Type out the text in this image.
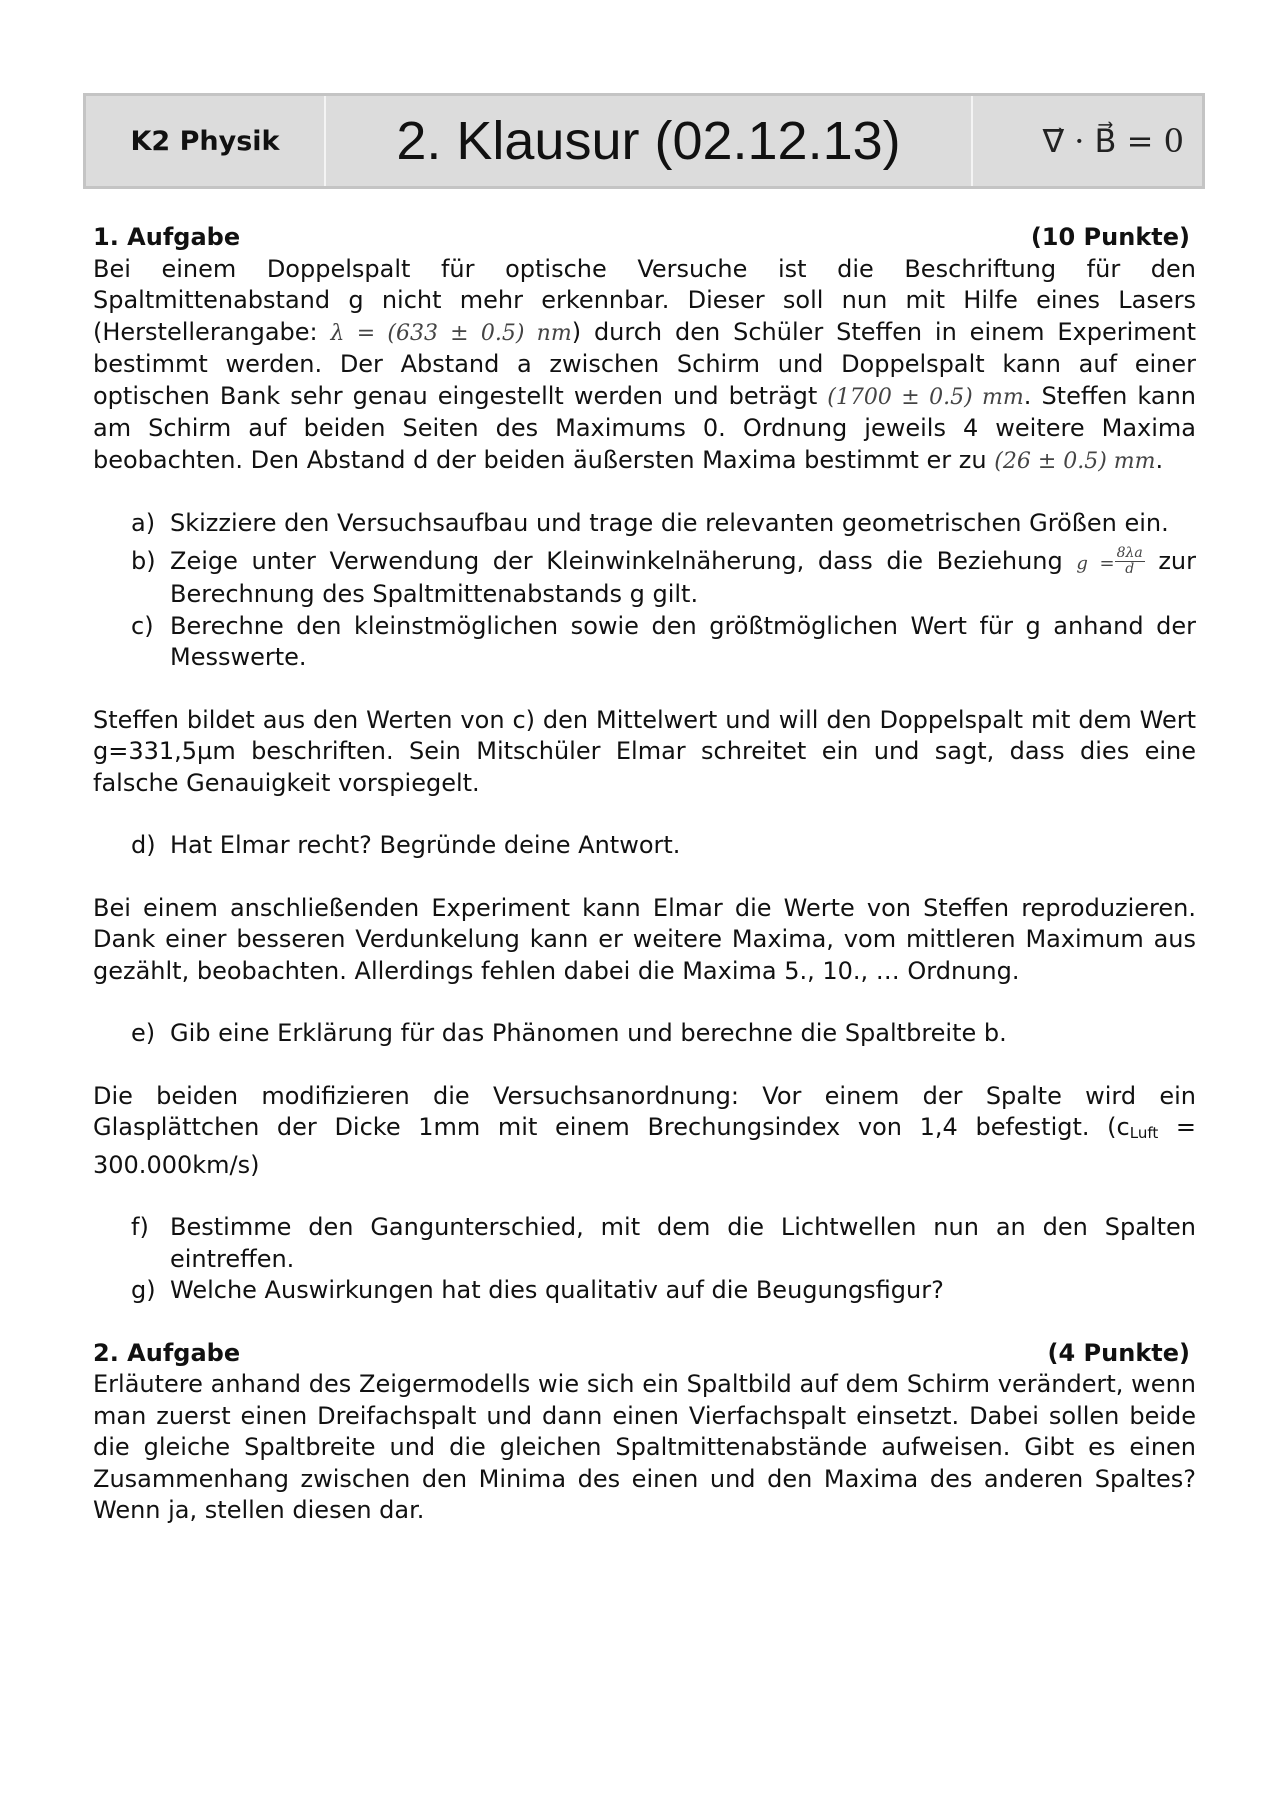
K2 Physik	2. Klausur (02.12.13)	∇⃗ · B⃗ = 0
1. Aufgabe	(10 Punkte)

Bei einem Doppelspalt für optische Versuche ist die Beschriftung für den Spaltmittenabstand g nicht mehr erkennbar. Dieser soll nun mit Hilfe eines Lasers (Herstellerangabe: λ = (633 ± 0.5) nm) durch den Schüler Steffen in einem Experiment bestimmt werden. Der Abstand a zwischen Schirm und Doppelspalt kann auf einer optischen Bank sehr genau eingestellt werden und beträgt (1700 ± 0.5) mm. Steffen kann am Schirm auf beiden Seiten des Maximums 0. Ordnung jeweils 4 weitere Maxima beobachten. Den Abstand d der beiden äußersten Maxima bestimmt er zu (26 ± 0.5) mm.

a) Skizziere den Versuchsaufbau und trage die relevanten geometrischen Größen ein.
b) Zeige unter Verwendung der Kleinwinkelnäherung, dass die Beziehung $g = \frac{8\lambda a}{d}$ zur Berechnung des Spaltmittenabstands g gilt.
c) Berechne den kleinstmöglichen sowie den größtmöglichen Wert für g anhand der Messwerte.

Steffen bildet aus den Werten von c) den Mittelwert und will den Doppelspalt mit dem Wert g=331,5µm beschriften. Sein Mitschüler Elmar schreitet ein und sagt, dass dies eine falsche Genauigkeit vorspiegelt.

d) Hat Elmar recht? Begründe deine Antwort.

Bei einem anschließenden Experiment kann Elmar die Werte von Steffen reproduzieren. Dank einer besseren Verdunkelung kann er weitere Maxima, vom mittleren Maximum aus gezählt, beobachten. Allerdings fehlen dabei die Maxima 5., 10., … Ordnung.

e) Gib eine Erklärung für das Phänomen und berechne die Spaltbreite b.

Die beiden modifizieren die Versuchsanordnung: Vor einem der Spalte wird ein Glasplättchen der Dicke 1mm mit einem Brechungsindex von 1,4 befestigt. $(c_{Luft} = 300.000km/s)$

f) Bestimme den Gangunterschied, mit dem die Lichtwellen nun an den Spalten eintreffen.
g) Welche Auswirkungen hat dies qualitativ auf die Beugungsfigur?
2. Aufgabe	(4 Punkte)

Erläutere anhand des Zeigermodells wie sich ein Spaltbild auf dem Schirm verändert, wenn man zuerst einen Dreifachspalt und dann einen Vierfachspalt einsetzt. Dabei sollen beide die gleiche Spaltbreite und die gleichen Spaltmittenabstände aufweisen. Gibt es einen Zusammenhang zwischen den Minima des einen und den Maxima des anderen Spaltes? Wenn ja, stellen diesen dar.
